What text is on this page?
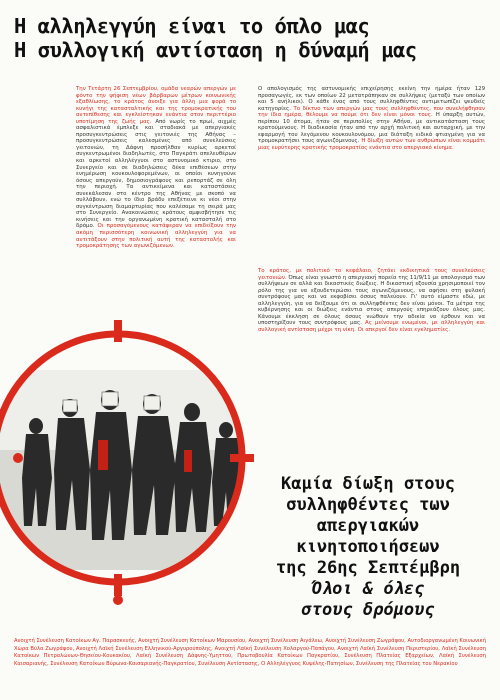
Η αλληλεγγύη είναι το όπλο μας
Η συλλογική αντίσταση η δύναμή μας
Την Τετάρτη 26 Σεπτεμβρίου, ομάδα νεαρών απεργών με φόντο την ψήφιση νέων βάρβαρων μέτρων κοινωνικής εξαθλίωσης, το κράτος άνοιξε για άλλη μια φορά το κυνήγι της κατασταλτικής και της τρομοκρατικής του αντεπίθεσης και εγκλείστηκαν ενάντια στον περιττέριο υποτίμηση της ζωής μας. Από νωρίς το πρωί, αιχμές ασφαλιστικά έμπλεξε και σταδιακά με απεργιακές προσυγκεντρώσεις στις γειτονιές της Αθήνας – προσυγκεντρώσεις καλεσμένες από συνελεύσεις γειτονιών, τη Δάφνη προσήλθαν κυρίως αρκετοί συγκεντρωμένοι διαδηλωτές, στο Παγκράτι απελευθέρων και αρκετοί αλληλέγγυοι στο αστυνομικό κτιριο, στο Συνεργείο και σε διαδηλώσεις δέκα επιθέσεων στην ενημέρωση κουκουλοφορεμένων, οι οποίοι κυνηγούνε όσους απεργούν, δημοσιογράφους και ρεπορτάζ σε όλη την περιοχή. Τα αντικείμενα και καταστάσεις συνεκάλεσαν στο κέντρο της Αθήνας με σκοπό να συλλάβουν, ενώ το ίδιο βράδυ επεξέτεινε κι νέοι στην συγκέντρωση διαμαρτυρίας που καλέσαμε τη σειρά μας στο Συνεργείο. Ανακοινώσεις κράτους αμφισβήτησε τις κινήσεις και την οργανωμένη κρατική κατασταλή στο δρόμο. Οι προσαγόμενους κατάφεραν να επιδείξουν την ακόμη περισσότερη κοινωνική αλληλεγγύη για να αντιτάξουν στην πολιτική αυτή της καταστολής και τρομοκράτησης των αγωνιζόμενων.
Ο απολογισμός της αστυνομικής επιχείρησης εκείνη την ημέρα ήταν 129 προσαγωγές, εκ των οποίων 22 μετατράπηκαν σε συλλήψεις (μεταξύ των οποίων και 5 ανήλικοι). Ο κάθε ένας από τους συλληφθέντες αντιμετωπίζει ψευδείς κατηγορίες. Το δίκτυο των απεργών μας τους συλληφθέντες, που συνελήφθησαν την ίδια ημέρα, θέλουμε να πούμε ότι δεν είναι μόνοι τους. Η ύπαρξη αυτών, περίπου 10 άτομα, ήταν σε περιπολίες στην Αθήνα, με αντικατάσταση τους κρατούμενους. Η διαδικασία ήταν από την αρχή πολιτική και αυταρχική, με την εφαρμογή του λεγόμενου κουκουλονόμου, μια διάταξη ειδικά φτιαγμένη για να τρομοκρατήσει τους αγωνιζόμενους. Η δίωξη αυτών των ανθρώπων είναι κομμάτι μιας ευρύτερης κρατικής τρομοκρατίας ενάντια στο απεργιακό κίνημα.
Το κράτος, με πολιτικό το κεφάλαιο, ζητάει εκδικητικά τους συνελεύσεις γειτονιών. Όπως είναι γνωστό η απεργιακή πορεία της 11/9/11 με απολογισμό των συλλήψεων σε αλλά και δικαστικές διώξεις. Η δικαστική εξουσία χρησιμοποιεί τον ρόλο της για να εξουδετερώσει τους αγωνιζόμενους, να αφήσει στη φυλακή συντρόφους μας και να εκφοβίσει όσους παλεύουν. Γι' αυτό είμαστε εδώ, με αλληλεγγύη, για να δείξουμε ότι οι συλληφθέντες δεν είναι μόνοι. Τα μέτρα της κυβέρνησης και οι διώξεις ενάντια στους απεργούς επηρεάζουν όλους μας. Κάνουμε έκκληση σε όλους όσους νιώθουν την αδικία να έρθουν και να υποστηρίξουν τους συντρόφους μας. Ας μείνουμε ενωμένοι, με αλληλεγγύη και συλλογική αντίσταση μέχρι τη νίκη. Οι απεργοί δεν είναι εγκληματίες.
Καμία δίωξη στους
συλληφθέντες των
απεργιακών
κινητοποιήσεων
της 26ης Σεπτέμβρη
Όλοι & όλες
στους δρόμους
Ανοιχτή Συνέλευση Κατοίκων Αγ. Παρασκευής, Ανοιχτή Συνέλευση Κατοίκων Μαρουσίου, Ανοιχτή Συνέλευση Αιγάλεω, Ανοιχτή Συνέλευση Ζωγράφου, Αυτοδιοργανωμένη Κοινωνική Χώρα Βύλα Ζωγράφου, Ανοιχτή Λαϊκή Συνέλευση Ελληνικού-Αργυρούπολης, Ανοιχτή Λαϊκή Συνέλευση Χολαργού-Παπάγου, Ανοιχτή Λαϊκή Συνέλευση Περιστερίου, Λαϊκή Συνέλευση Κατοίκων Πετραλώνων-Θησείου-Κουκακίου, Λαϊκή Συνέλευση Δάφνης-Υμηττού, Πρωτοβουλία Κατοίκων Παγκρατίου, Συνέλευση Πλατείας Εξαρχείων, Λαϊκή Συνέλευση Καισαριανής, Συνέλευση Κατοίκων Βύρωνα-Καισαριανής-Παγκρατίου, Συνέλευση Αντίστασης, Ο Αλληλέγγυος Κυψέλης-Πατησίων, Συνέλευση της Πλατείας του Νερακίου
